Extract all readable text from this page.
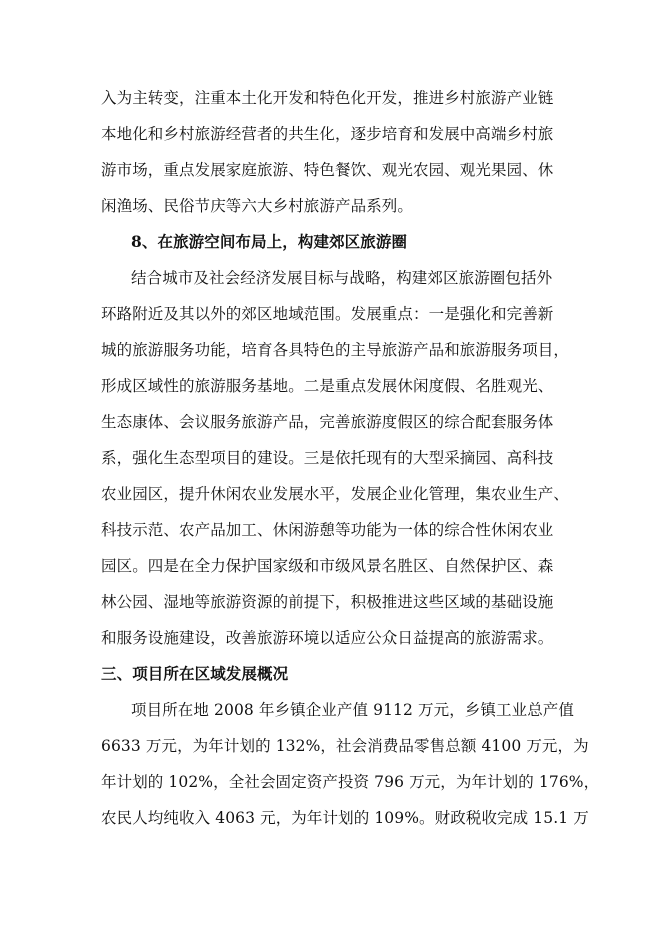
入为主转变，注重本土化开发和特色化开发，推进乡村旅游产业链
本地化和乡村旅游经营者的共生化，逐步培育和发展中高端乡村旅
游市场，重点发展家庭旅游、特色餐饮、观光农园、观光果园、休
闲渔场、民俗节庆等六大乡村旅游产品系列。
8、在旅游空间布局上，构建郊区旅游圈
结合城市及社会经济发展目标与战略，构建郊区旅游圈包括外
环路附近及其以外的郊区地域范围。发展重点：一是强化和完善新
城的旅游服务功能，培育各具特色的主导旅游产品和旅游服务项目，
形成区域性的旅游服务基地。二是重点发展休闲度假、名胜观光、
生态康体、会议服务旅游产品，完善旅游度假区的综合配套服务体
系，强化生态型项目的建设。三是依托现有的大型采摘园、高科技
农业园区，提升休闲农业发展水平，发展企业化管理，集农业生产、
科技示范、农产品加工、休闲游憩等功能为一体的综合性休闲农业
园区。四是在全力保护国家级和市级风景名胜区、自然保护区、森
林公园、湿地等旅游资源的前提下，积极推进这些区域的基础设施
和服务设施建设，改善旅游环境以适应公众日益提高的旅游需求。
三、项目所在区域发展概况
项目所在地 2008 年乡镇企业产值 9112 万元，乡镇工业总产值
6633 万元，为年计划的 132%，社会消费品零售总额 4100 万元，为
年计划的 102%，全社会固定资产投资 796 万元，为年计划的 176%，
农民人均纯收入 4063 元，为年计划的 109%。财政税收完成 15.1 万
